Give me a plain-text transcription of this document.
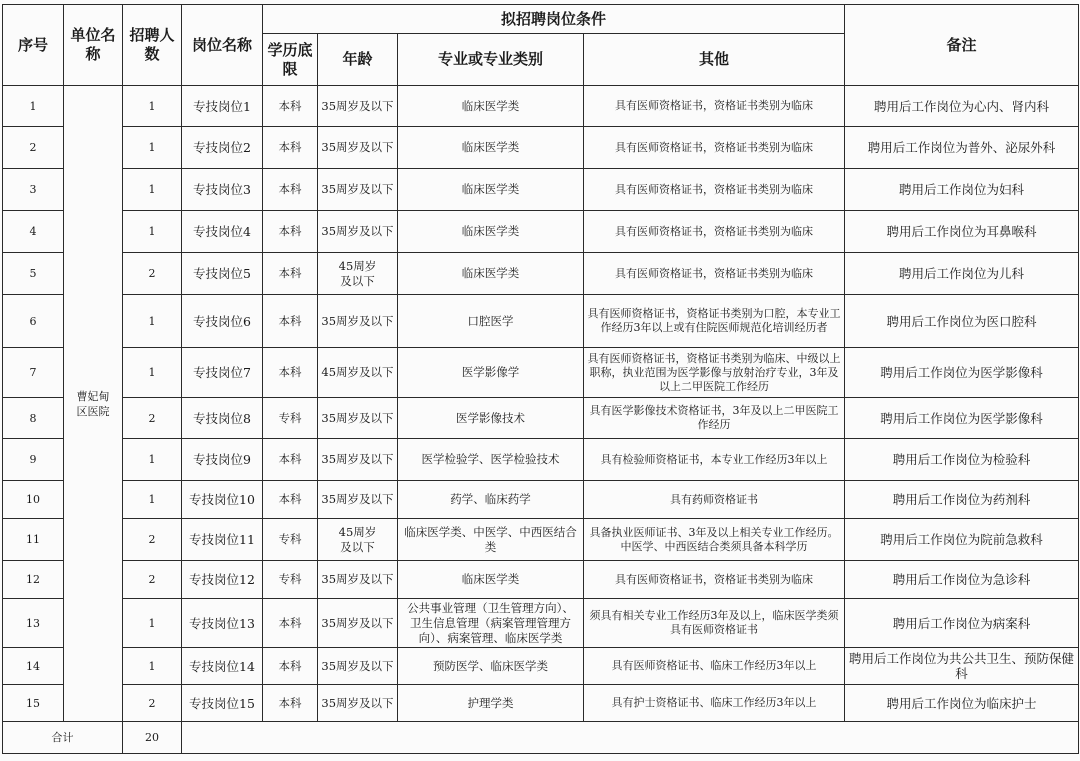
序号	单位名称	招聘人数	岗位名称	拟招聘岗位条件				备注
				学历底限	年龄	专业或专业类别	其他	
1	曹妃甸区医院	1	专技岗位1	本科	35周岁及以下	临床医学类	具有医师资格证书，资格证书类别为临床	聘用后工作岗位为心内、肾内科
2		1	专技岗位2	本科	35周岁及以下	临床医学类	具有医师资格证书，资格证书类别为临床	聘用后工作岗位为普外、泌尿外科
3		1	专技岗位3	本科	35周岁及以下	临床医学类	具有医师资格证书，资格证书类别为临床	聘用后工作岗位为妇科
4		1	专技岗位4	本科	35周岁及以下	临床医学类	具有医师资格证书，资格证书类别为临床	聘用后工作岗位为耳鼻喉科
5		2	专技岗位5	本科	45周岁及以下	临床医学类	具有医师资格证书，资格证书类别为临床	聘用后工作岗位为儿科
6		1	专技岗位6	本科	35周岁及以下	口腔医学	具有医师资格证书，资格证书类别为口腔，本专业工作经历3年以上或有住院医师规范化培训经历者	聘用后工作岗位为医口腔科
7		1	专技岗位7	本科	45周岁及以下	医学影像学	具有医师资格证书，资格证书类别为临床、中级以上职称，执业范围为医学影像与放射治疗专业，3年及以上二甲医院工作经历	聘用后工作岗位为医学影像科
8		2	专技岗位8	专科	35周岁及以下	医学影像技术	具有医学影像技术资格证书，3年及以上二甲医院工作经历	聘用后工作岗位为医学影像科
9		1	专技岗位9	本科	35周岁及以下	医学检验学、医学检验技术	具有检验师资格证书，本专业工作经历3年以上	聘用后工作岗位为检验科
10		1	专技岗位10	本科	35周岁及以下	药学、临床药学	具有药师资格证书	聘用后工作岗位为药剂科
11		2	专技岗位11	专科	45周岁及以下	临床医学类、中医学、中西医结合类	具备执业医师证书、3年及以上相关专业工作经历。中医学、中西医结合类须具备本科学历	聘用后工作岗位为院前急救科
12		2	专技岗位12	专科	35周岁及以下	临床医学类	具有医师资格证书，资格证书类别为临床	聘用后工作岗位为急诊科
13		1	专技岗位13	本科	35周岁及以下	公共事业管理（卫生管理方向）、卫生信息管理（病案管理管理方向）、病案管理、临床医学类	须具有相关专业工作经历3年及以上，临床医学类须具有医师资格证书	聘用后工作岗位为病案科
14		1	专技岗位14	本科	35周岁及以下	预防医学、临床医学类	具有医师资格证书、临床工作经历3年以上	聘用后工作岗位为共公共卫生、预防保健科
15		2	专技岗位15	本科	35周岁及以下	护理学类	具有护士资格证书、临床工作经历3年以上	聘用后工作岗位为临床护士
合计		20						
